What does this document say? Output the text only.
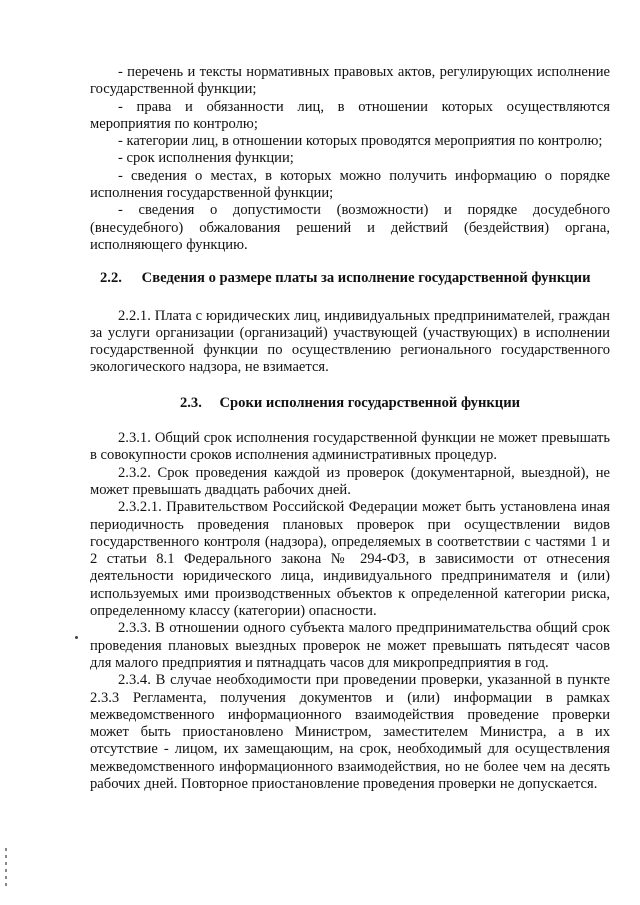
- перечень и тексты нормативных правовых актов, регулирующих исполнение государственной функции;

- права и обязанности лиц, в отношении которых осуществляются мероприятия по контролю;

- категории лиц, в отношении которых проводятся мероприятия по контролю;

- срок исполнения функции;

- сведения о местах, в которых можно получить информацию о порядке исполнения государственной функции;

- сведения о допустимости (возможности) и порядке досудебного (внесудебного) обжалования решений и действий (бездействия) органа, исполняющего функцию.

2.2. Сведения о размере платы за исполнение государственной функции

2.2.1. Плата с юридических лиц, индивидуальных предпринимателей, граждан за услуги организации (организаций) участвующей (участвующих) в исполнении государственной функции по осуществлению регионального государственного экологического надзора, не взимается.

2.3. Сроки исполнения государственной функции

2.3.1. Общий срок исполнения государственной функции не может превышать в совокупности сроков исполнения административных процедур.

2.3.2. Срок проведения каждой из проверок (документарной, выездной), не может превышать двадцать рабочих дней.

2.3.2.1. Правительством Российской Федерации может быть установлена иная периодичность проведения плановых проверок при осуществлении видов государственного контроля (надзора), определяемых в соответствии с частями 1 и 2 статьи 8.1 Федерального закона № 294-ФЗ, в зависимости от отнесения деятельности юридического лица, индивидуального предпринимателя и (или) используемых ими производственных объектов к определенной категории риска, определенному классу (категории) опасности.

2.3.3. В отношении одного субъекта малого предпринимательства общий срок проведения плановых выездных проверок не может превышать пятьдесят часов для малого предприятия и пятнадцать часов для микропредприятия в год.

2.3.4. В случае необходимости при проведении проверки, указанной в пункте 2.3.3 Регламента, получения документов и (или) информации в рамках межведомственного информационного взаимодействия проведение проверки может быть приостановлено Министром, заместителем Министра, а в их отсутствие - лицом, их замещающим, на срок, необходимый для осуществления межведомственного информационного взаимодействия, но не более чем на десять рабочих дней. Повторное приостановление проведения проверки не допускается.
